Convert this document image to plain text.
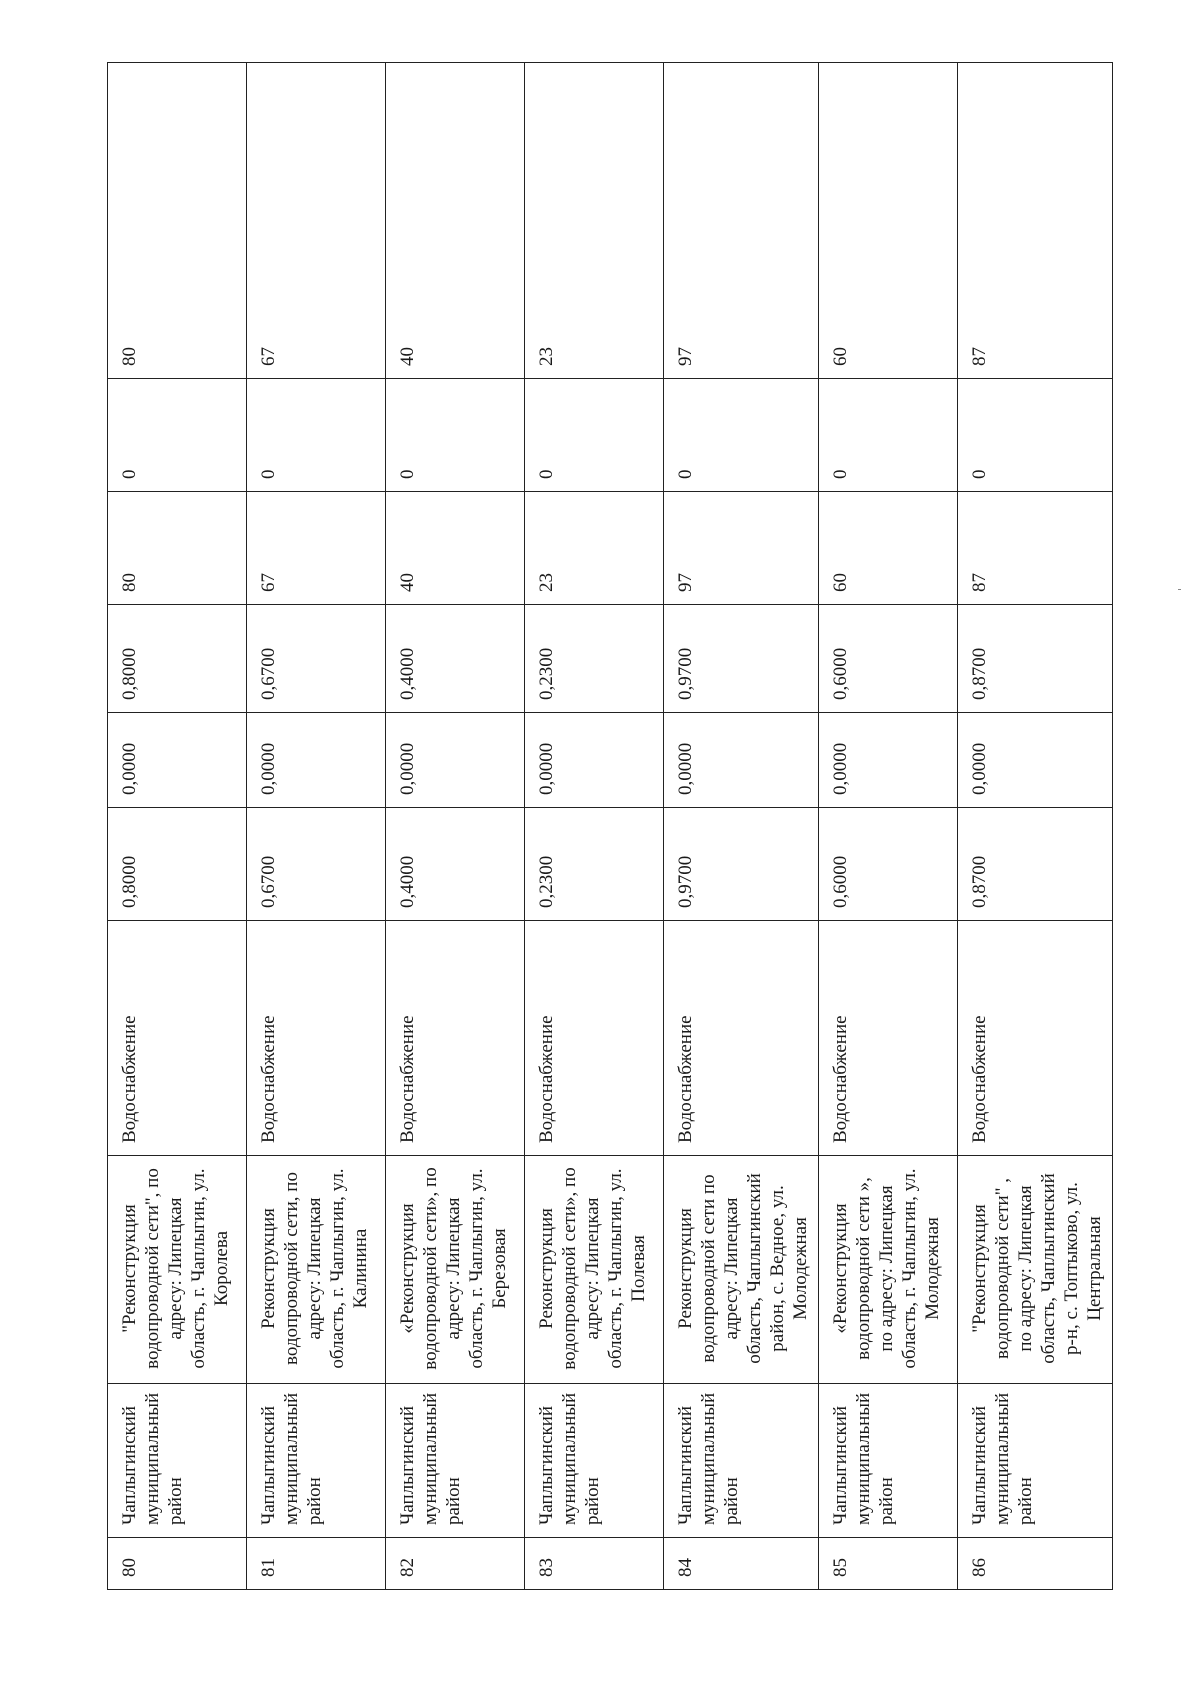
80	Чаплыгинский муниципальный район	"Реконструкция водопроводной сети", по адресу: Липецкая область, г. Чаплыгин, ул. Королева	Водоснабжение	0,8000	0,0000	0,8000	80	0	80
81	Чаплыгинский муниципальный район	Реконструкция водопроводной сети, по адресу: Липецкая область, г. Чаплыгин, ул. Калинина	Водоснабжение	0,6700	0,0000	0,6700	67	0	67
82	Чаплыгинский муниципальный район	«Реконструкция водопроводной сети», по адресу: Липецкая область, г. Чаплыгин, ул. Березовая	Водоснабжение	0,4000	0,0000	0,4000	40	0	40
83	Чаплыгинский муниципальный район	Реконструкция водопроводной сети», по адресу: Липецкая область, г. Чаплыгин, ул. Полевая	Водоснабжение	0,2300	0,0000	0,2300	23	0	23
84	Чаплыгинский муниципальный район	Реконструкция водопроводной сети по адресу: Липецкая область, Чаплыгинский район, с. Ведное, ул. Молодежная	Водоснабжение	0,9700	0,0000	0,9700	97	0	97
85	Чаплыгинский муниципальный район	«Реконструкция водопроводной сети », по адресу: Липецкая область, г. Чаплыгин, ул. Молодежная	Водоснабжение	0,6000	0,0000	0,6000	60	0	60
86	Чаплыгинский муниципальный район	"Реконструкция водопроводной сети" , по адресу: Липецкая область, Чаплыгинский р-н, с. Топтыково, ул. Центральная	Водоснабжение	0,8700	0,0000	0,8700	87	0	87
